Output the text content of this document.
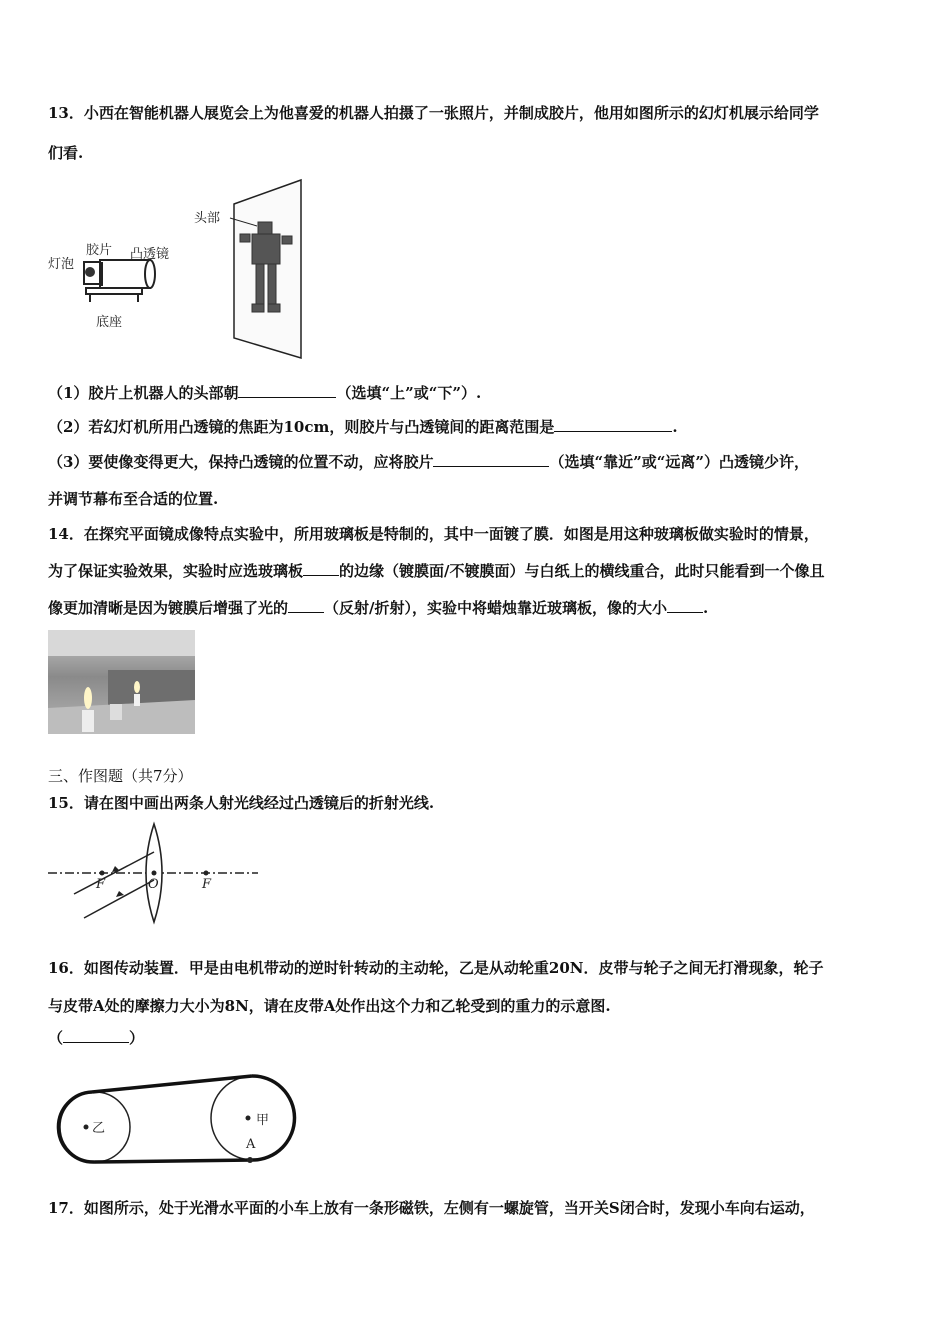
13．小西在智能机器人展览会上为他喜爱的机器人拍摄了一张照片，并制成胶片，他用如图所示的幻灯机展示给同学
们看.
头部
灯泡
胶片 凸透镜
底座
（1）胶片上机器人的头部朝	（选填“上”或“下”）.
（2）若幻灯机所用凸透镜的焦距为10cm，则胶片与凸透镜间的距离范围是	.
（3）要使像变得更大，保持凸透镜的位置不动，应将胶片	（选填“靠近”或“远离”）凸透镜少许，
并调节幕布至合适的位置.
14．在探究平面镜成像特点实验中，所用玻璃板是特制的，其中一面镀了膜．如图是用这种玻璃板做实验时的情景，
为了保证实验效果，实验时应选玻璃板 的边缘（镀膜面/不镀膜面）与白纸上的横线重合，此时只能看到一个像且
像更加清晰是因为镀膜后增强了光的 （反射/折射），实验中将蜡烛靠近玻璃板，像的大小 .
三、作图题（共7分）
15．请在图中画出两条人射光线经过凸透镜后的折射光线.
F	O	F
16．如图传动装置．甲是由电机带动的逆时针转动的主动轮，乙是从动轮重20N．皮带与轮子之间无打滑现象，轮子
与皮带A处的摩擦力大小为8N，请在皮带A处作出这个力和乙轮受到的重力的示意图.
（	）
乙
甲
A
17．如图所示，处于光滑水平面的小车上放有一条形磁铁，左侧有一螺旋管，当开关S闭合时，发现小车向右运动，
